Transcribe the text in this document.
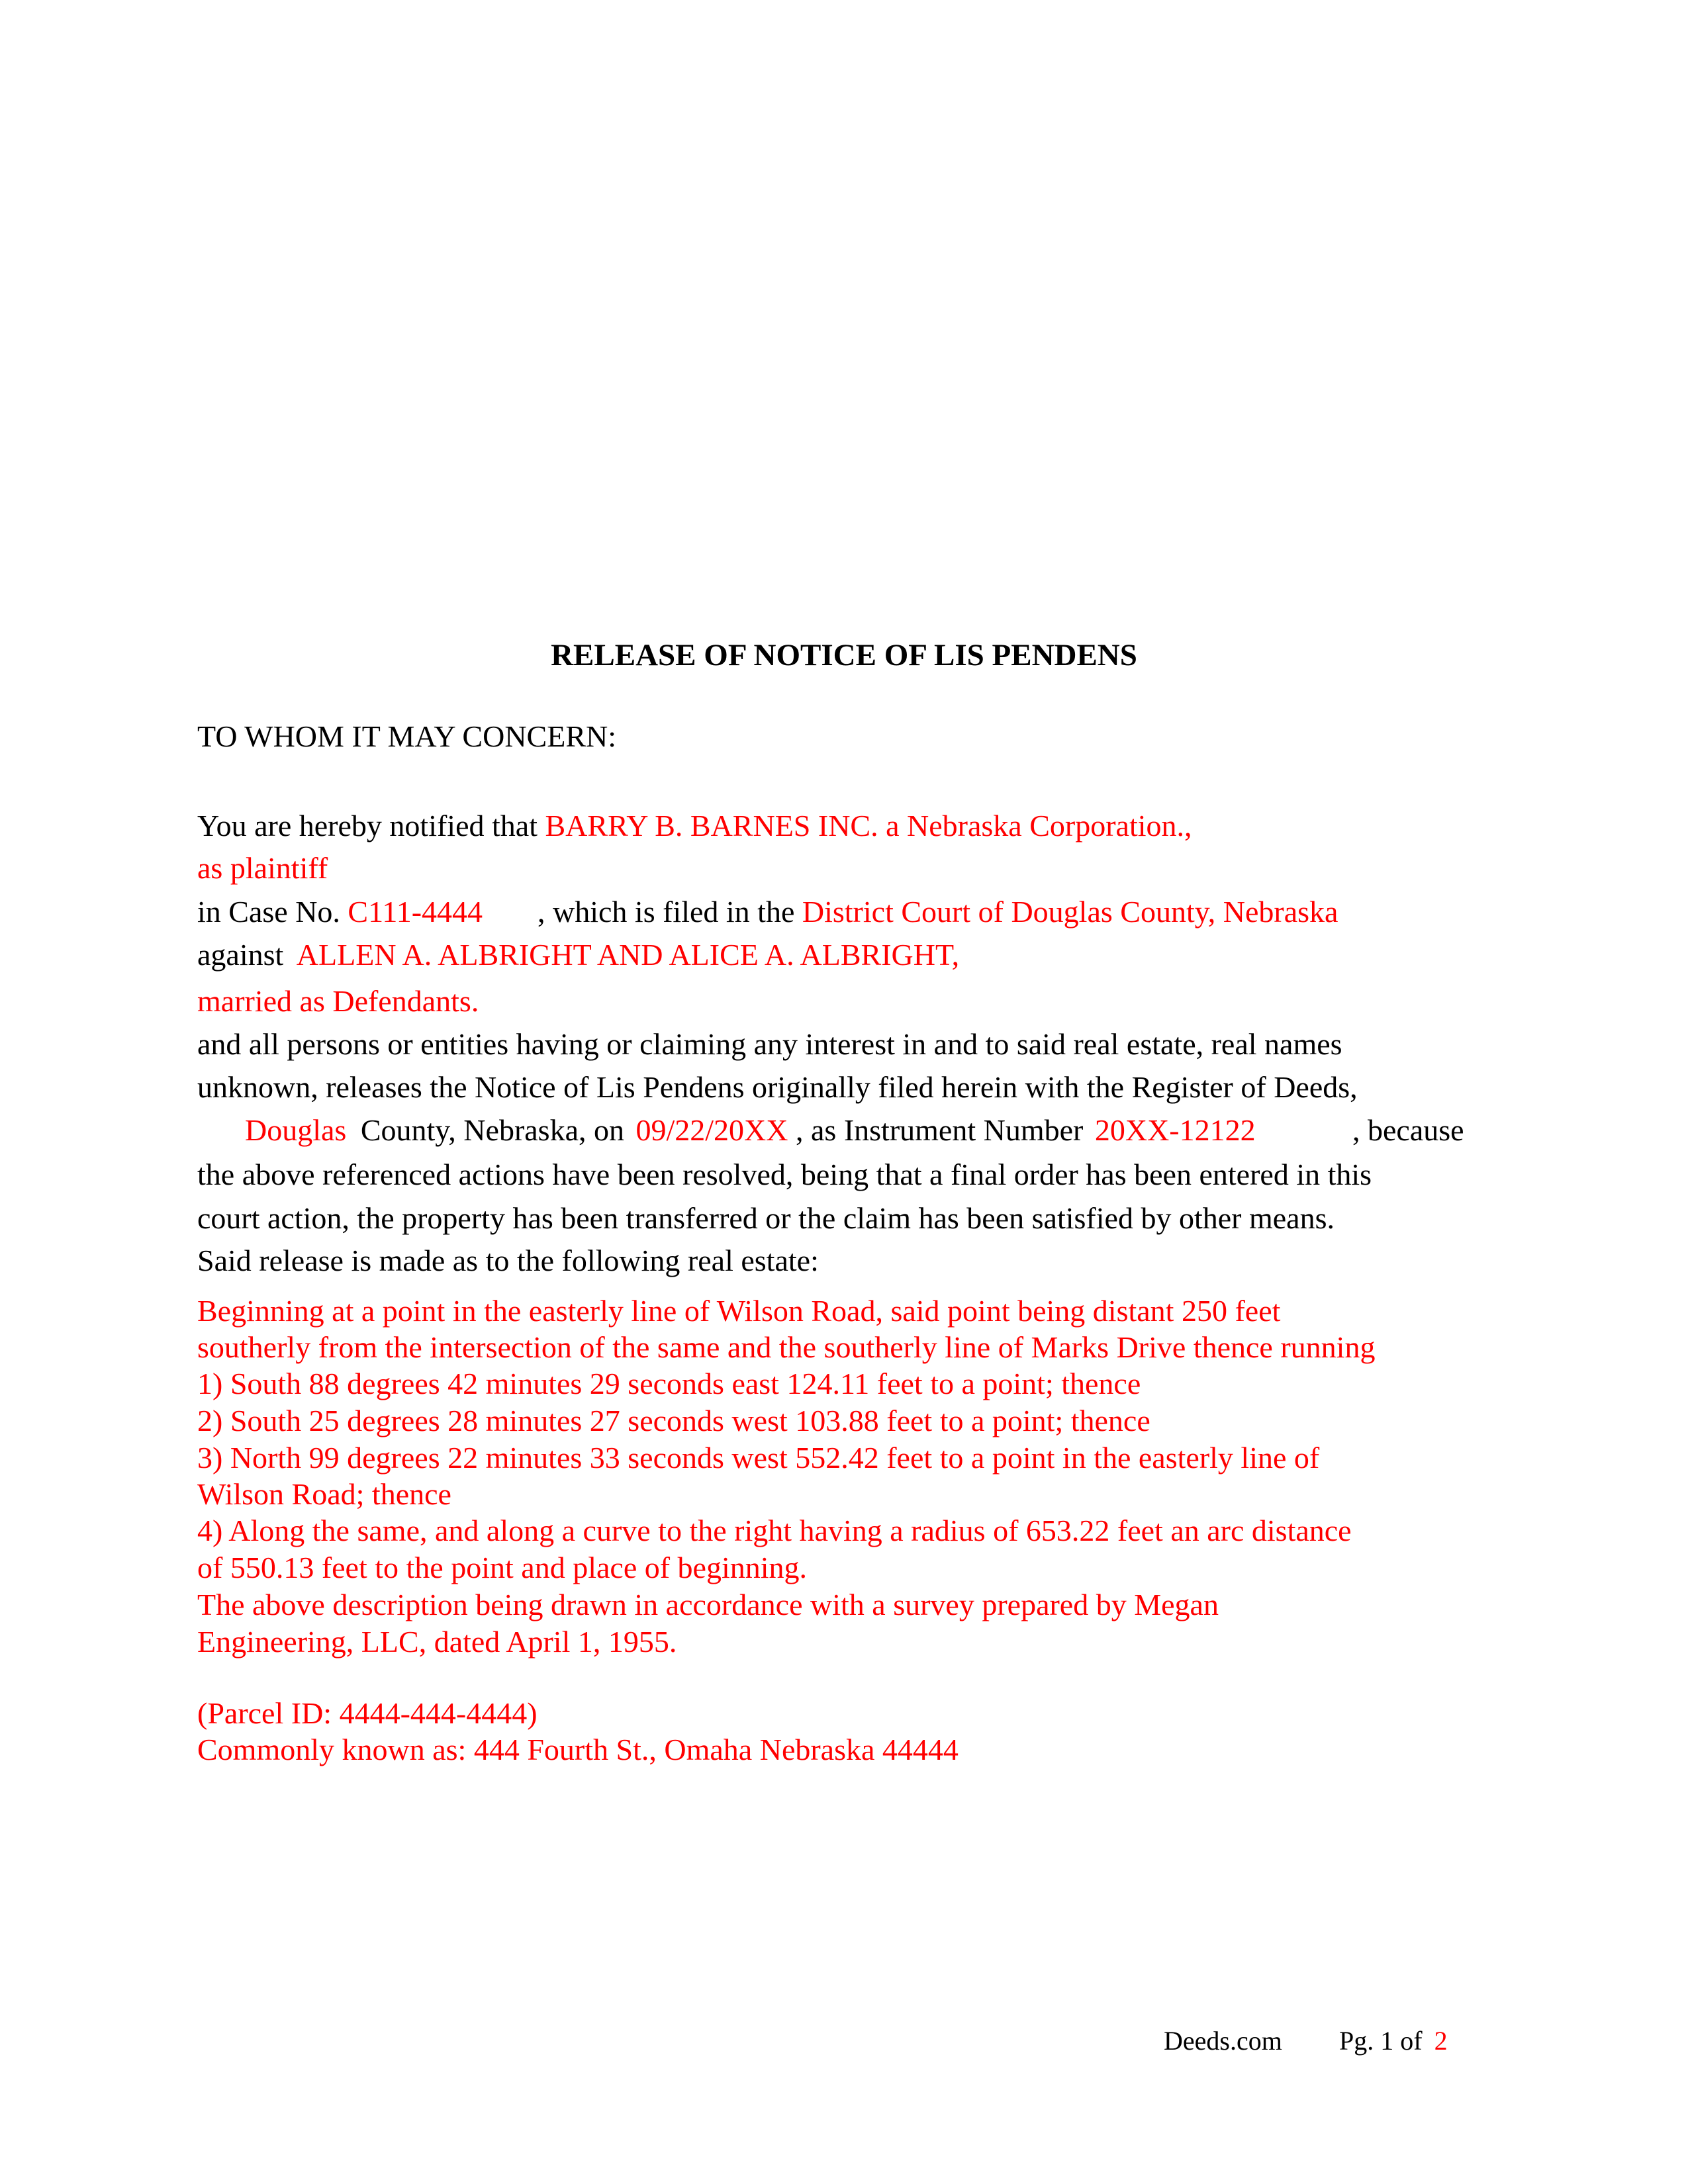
RELEASE OF NOTICE OF LIS PENDENS
TO WHOM IT MAY CONCERN:
You are hereby notified that BARRY B. BARNES INC. a Nebraska Corporation.,
as plaintiff
in Case No. C111-4444 , which is filed in the District Court of Douglas County, Nebraska
against ALLEN A. ALBRIGHT AND ALICE A. ALBRIGHT,
married as Defendants.
and all persons or entities having or claiming any interest in and to said real estate, real names
unknown, releases the Notice of Lis Pendens originally filed herein with the Register of Deeds,
Douglas County, Nebraska, on 09/22/20XX , as Instrument Number 20XX-12122	, because
the above referenced actions have been resolved, being that a final order has been entered in this
court action, the property has been transferred or the claim has been satisfied by other means.
Said release is made as to the following real estate:
Beginning at a point in the easterly line of Wilson Road, said point being distant 250 feet
southerly from the intersection of the same and the southerly line of Marks Drive thence running
1) South 88 degrees 42 minutes 29 seconds east 124.11 feet to a point; thence
2) South 25 degrees 28 minutes 27 seconds west 103.88 feet to a point; thence
3) North 99 degrees 22 minutes 33 seconds west 552.42 feet to a point in the easterly line of
Wilson Road; thence
4) Along the same, and along a curve to the right having a radius of 653.22 feet an arc distance
of 550.13 feet to the point and place of beginning.
The above description being drawn in accordance with a survey prepared by Megan
Engineering, LLC, dated April 1, 1955.
(Parcel ID: 4444-444-4444)
Commonly known as: 444 Fourth St., Omaha Nebraska 44444
Deeds.com Pg. 1 of 2
